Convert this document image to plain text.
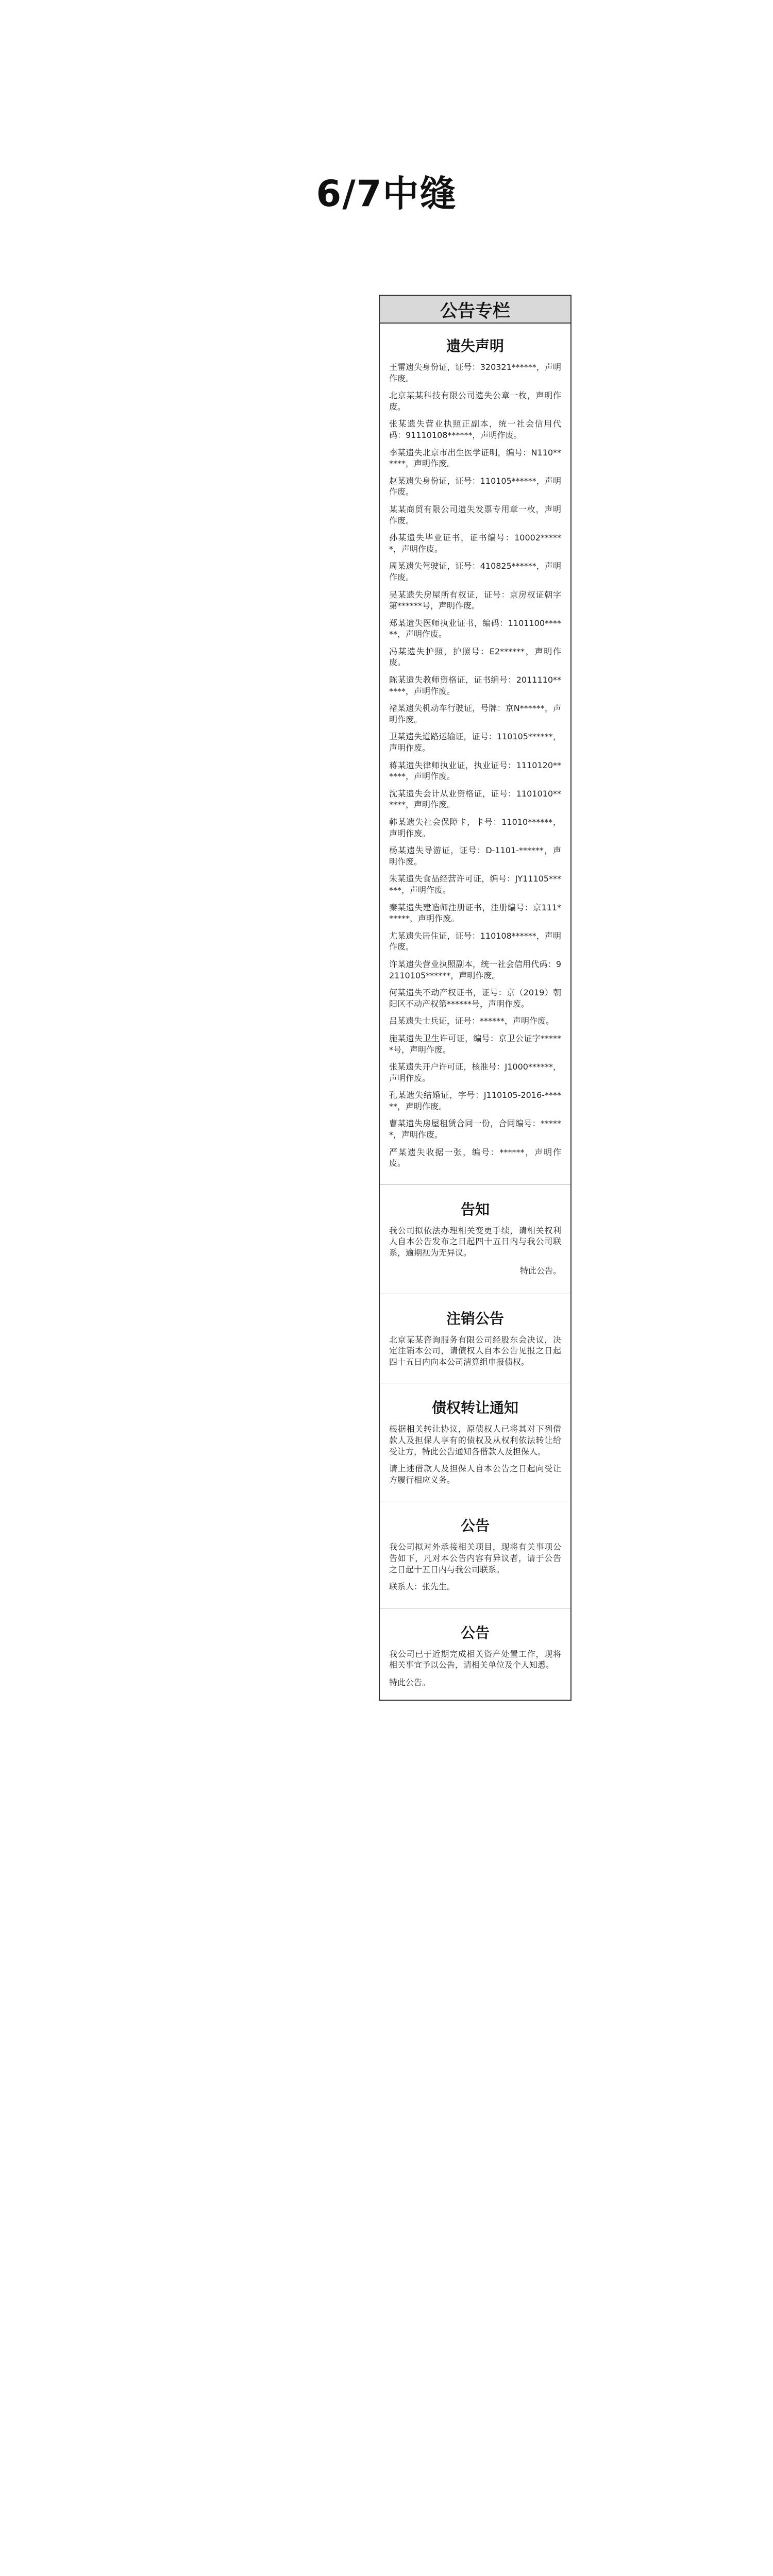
6/7中缝
公告专栏
遗失声明

王雷遗失身份证，证号：320321******，声明作废。

北京某某科技有限公司遗失公章一枚，声明作废。

张某遗失营业执照正副本，统一社会信用代码：91110108******，声明作废。

李某遗失北京市出生医学证明，编号：N110******，声明作废。

赵某遗失身份证，证号：110105******，声明作废。

某某商贸有限公司遗失发票专用章一枚，声明作废。

孙某遗失毕业证书，证书编号：10002******，声明作废。

周某遗失驾驶证，证号：410825******，声明作废。

吴某遗失房屋所有权证，证号：京房权证朝字第******号，声明作废。

郑某遗失医师执业证书，编码：1101100******，声明作废。

冯某遗失护照，护照号：E2******，声明作废。

陈某遗失教师资格证，证书编号：2011110******，声明作废。

褚某遗失机动车行驶证，号牌：京N******，声明作废。

卫某遗失道路运输证，证号：110105******，声明作废。

蒋某遗失律师执业证，执业证号：1110120******，声明作废。

沈某遗失会计从业资格证，证号：1101010******，声明作废。

韩某遗失社会保障卡，卡号：11010******，声明作废。

杨某遗失导游证，证号：D-1101-******，声明作废。

朱某遗失食品经营许可证，编号：JY11105******，声明作废。

秦某遗失建造师注册证书，注册编号：京111******，声明作废。

尤某遗失居住证，证号：110108******，声明作废。

许某遗失营业执照副本，统一社会信用代码：92110105******，声明作废。

何某遗失不动产权证书，证号：京（2019）朝阳区不动产权第******号，声明作废。

吕某遗失士兵证，证号：******，声明作废。

施某遗失卫生许可证，编号：京卫公证字******号，声明作废。

张某遗失开户许可证，核准号：J1000******，声明作废。

孔某遗失结婚证，字号：J110105-2016-******，声明作废。

曹某遗失房屋租赁合同一份，合同编号：******，声明作废。

严某遗失收据一张，编号：******，声明作废。

告知

我公司拟依法办理相关变更手续，请相关权利人自本公告发布之日起四十五日内与我公司联系，逾期视为无异议。

特此公告。
注销公告

北京某某咨询服务有限公司经股东会决议，决定注销本公司，请债权人自本公告见报之日起四十五日内向本公司清算组申报债权。

债权转让通知

根据相关转让协议，原债权人已将其对下列借款人及担保人享有的债权及从权利依法转让给受让方，特此公告通知各借款人及担保人。

请上述借款人及担保人自本公告之日起向受让方履行相应义务。

公告

我公司拟对外承接相关项目，现将有关事项公告如下，凡对本公告内容有异议者，请于公告之日起十五日内与我公司联系。

联系人：张先生。

公告

我公司已于近期完成相关资产处置工作，现将相关事宜予以公告，请相关单位及个人知悉。

特此公告。
